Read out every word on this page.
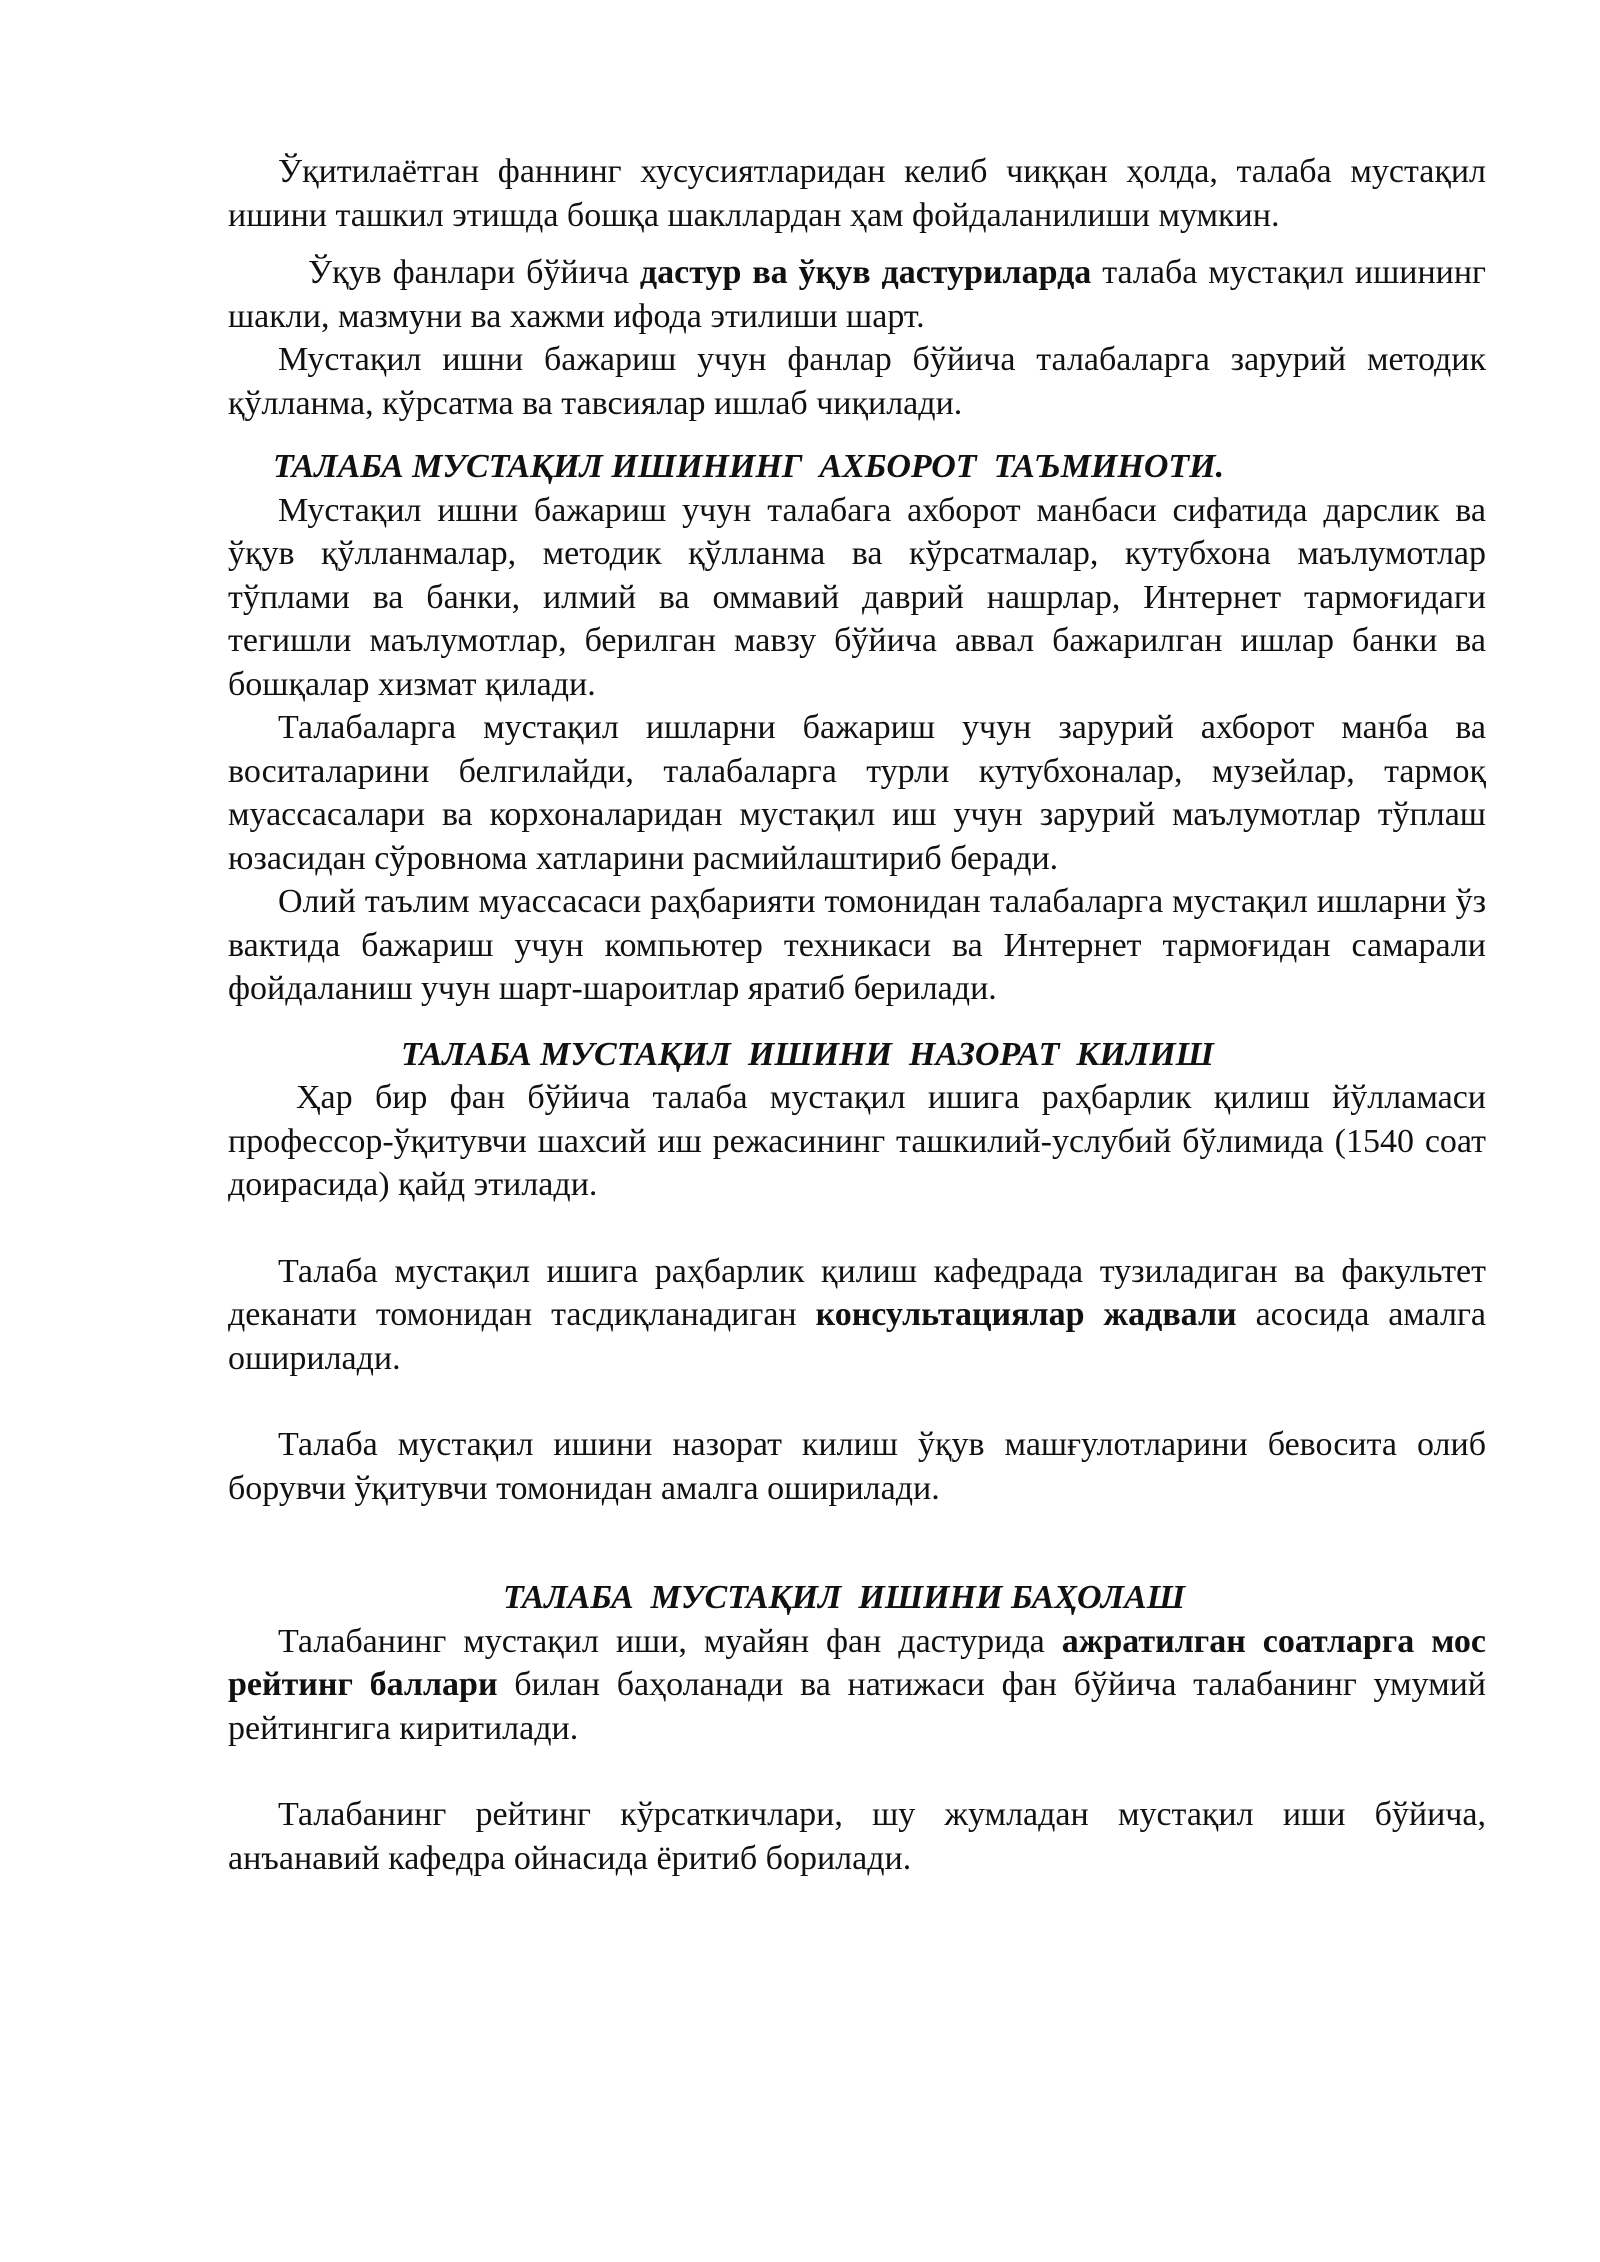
Ўқитилаётган фаннинг хусусиятларидан келиб чиққан ҳолда, талаба мустақил ишини ташкил этишда бошқа шакллардан ҳам фойдаланилиши мумкин.

Ўқув фанлари бўйича дастур ва ўқув дастуриларда талаба мустақил ишининг шакли, мазмуни ва хажми ифода этилиши шарт.

Мустақил ишни бажариш учун фанлар бўйича талабаларга зарурий методик қўлланма, кўрсатма ва тавсиялар ишлаб чиқилади.

ТАЛАБА МУСТАҚИЛ ИШИНИНГ  АХБОРОТ  ТАЪМИНОТИ.

Мустақил ишни бажариш учун талабага ахборот манбаси сифатида дарслик ва ўқув қўлланмалар, методик қўлланма ва кўрсатмалар, кутубхона маълумотлар тўплами ва банки, илмий ва оммавий даврий нашрлар, Интернет тармоғидаги тегишли маълумотлар, берилган мавзу бўйича аввал бажарилган ишлар банки ва бошқалар хизмат қилади.

Талабаларга мустақил ишларни бажариш учун зарурий ахборот манба ва воситаларини белгилайди, талабаларга турли кутубхоналар, музейлар, тармоқ муассасалари ва корхоналаридан мустақил иш учун зарурий маълумотлар тўплаш юзасидан сўровнома хатларини расмийлаштириб беради.

Олий таълим муассасаси раҳбарияти томонидан талабаларга мустақил ишларни ўз вактида бажариш учун компьютер техникаси ва Интернет тармоғидан самарали фойдаланиш учун шарт-шароитлар яратиб берилади.

ТАЛАБА МУСТАҚИЛ  ИШИНИ  НАЗОРАТ  КИЛИШ

Ҳар бир фан бўйича талаба мустақил ишига раҳбарлик қилиш йўлламаси профессор-ўқитувчи шахсий иш режасининг ташкилий-услубий бўлимида (1540 соат доирасида) қайд этилади.

Талаба мустақил ишига раҳбарлик қилиш кафедрада тузиладиган ва факультет деканати томонидан тасдиқланадиган консультациялар жадвали асосида амалга оширилади.

Талаба мустақил ишини назорат килиш ўқув машғулотларини бевосита олиб борувчи ўқитувчи томонидан амалга оширилади.

ТАЛАБА  МУСТАҚИЛ  ИШИНИ БАҲОЛАШ

Талабанинг мустақил иши, муайян фан дастурида ажратилган соатларга мос рейтинг баллари билан баҳоланади ва натижаси фан бўйича талабанинг умумий рейтингига киритилади.

Талабанинг рейтинг кўрсаткичлари, шу жумладан мустақил иши бўйича, анъанавий кафедра ойнасида ёритиб борилади.
